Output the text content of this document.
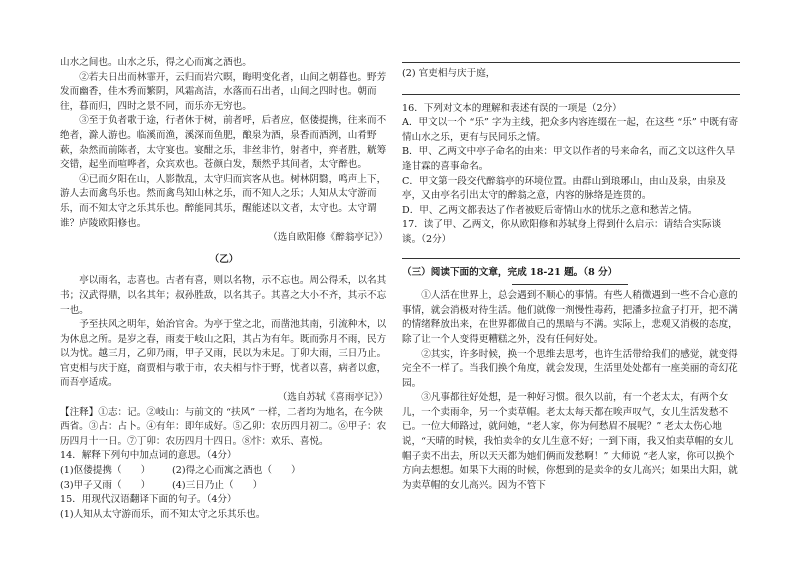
山水之间也。山水之乐，得之心而寓之酒也。

②若夫日出而林霏开，云归而岩穴暝，晦明变化者，山间之朝暮也。野芳发而幽香，佳木秀而繁阴，风霜高洁，水落而石出者，山间之四时也。朝而往，暮而归，四时之景不同，而乐亦无穷也。

③至于负者歌于途，行者休于树，前者呼，后者应，伛偻提携，往来而不绝者，滁人游也。临溪而渔，溪深而鱼肥，酿泉为酒，泉香而酒洌，山肴野蔌，杂然而前陈者，太守宴也。宴酣之乐，非丝非竹，射者中，弈者胜，觥筹交错，起坐而喧哗者，众宾欢也。苍颜白发，颓然乎其间者，太守醉也。

④已而夕阳在山，人影散乱，太守归而宾客从也。树林阴翳，鸣声上下，游人去而禽鸟乐也。然而禽鸟知山林之乐，而不知人之乐；人知从太守游而乐，而不知太守之乐其乐也。醉能同其乐，醒能述以文者，太守也。太守谓谁？庐陵欧阳修也。

（选自欧阳修《醉翁亭记》）

（乙）

亭以雨名，志喜也。古者有喜，则以名物，示不忘也。周公得禾，以名其书；汉武得鼎，以名其年；叔孙胜敌，以名其子。其喜之大小不齐，其示不忘一也。

予至扶风之明年，始治官舍。为亭于堂之北，而凿池其南，引流种木，以为休息之所。是岁之春，雨麦于岐山之阳，其占为有年。既而弥月不雨，民方以为忧。越三月，乙卯乃雨，甲子又雨，民以为未足。丁卯大雨，三日乃止。官吏相与庆于庭，商贾相与歌于市，农夫相与忭于野，忧者以喜，病者以愈，而吾亭适成。

（选自苏轼《喜雨亭记》）

【注释】①志：记。②岐山：与前文的 “扶风” 一样，二者均为地名，在今陕西省。③占：占卜。④有年：即年成好。⑤乙卯：农历四月初二。⑥甲子：农历四月十一日。⑦丁卯：农历四月十四日。⑧忭：欢乐、喜悦。

14．解释下列句中加点词的意思。（4分）

(1)伛偻提携（　　）	(2)得之心而寓之酒也（　　）
(3)甲子又雨（　　）	(4)三日乃止（　　）

15．用现代汉语翻译下面的句子。（4分）

(1)人知从太守游而乐，而不知太守之乐其乐也。

(2) 官吏相与庆于庭，

16．下列对文本的理解和表述有误的一项是（2分）

A．甲文以一个 “乐” 字为主线，把众多内容连缀在一起，在这些 “乐” 中既有寄情山水之乐，更有与民同乐之情。

B．甲、乙两文中亭子命名的由来：甲文以作者的号来命名，而乙文以这件久旱逢甘霖的喜事命名。

C．甲文第一段交代醉翁亭的环境位置。由群山到琅琊山，由山及泉，由泉及亭，又由亭名引出太守的醉翁之意，内容的脉络是连贯的。

D．甲、乙两文都表达了作者被贬后寄情山水的忧乐之意和愁苦之情。

17．读了甲、乙两文，你从欧阳修和苏轼身上得到什么启示：请结合实际谈谈。（2分）

（三）阅读下面的文章，完成 18-21 题。（8 分）

①人活在世界上，总会遇到不顺心的事情。有些人稍微遇到一些不合心意的事情，就会消极对待生活。他们就像一剂慢性毒药，把潘多拉盒子打开，把不满的情绪释放出来，在世界都做自己的黑暗与不满。实际上，悲观又消极的态度，除了让一个人变得更糟糕之外，没有任何好处。

②其实，许多时候，换一个思维去思考，也许生活带给我们的感觉，就变得完全不一样了。当我们换个角度，就会发现，生活里处处都有一座美丽的奇幻花园。

③凡事都往好处想，是一种好习惯。很久以前，有一个老太太，有两个女儿，一个卖雨伞，另一个卖草帽。老太太每天都在唉声叹气，女儿生活发愁不已。一位大师路过，就问她，“老人家，你为何愁眉不展呢？” 老太太伤心地说，“天晴的时候，我怕卖伞的女儿生意不好；一到下雨，我又怕卖草帽的女儿帽子卖不出去，所以天天都为她们俩而发愁啊！” 大师说 “老人家，你可以换个方向去想想。如果下大雨的时候，你想到的是卖伞的女儿高兴；如果出大阳，就为卖草帽的女儿高兴。因为不管下
